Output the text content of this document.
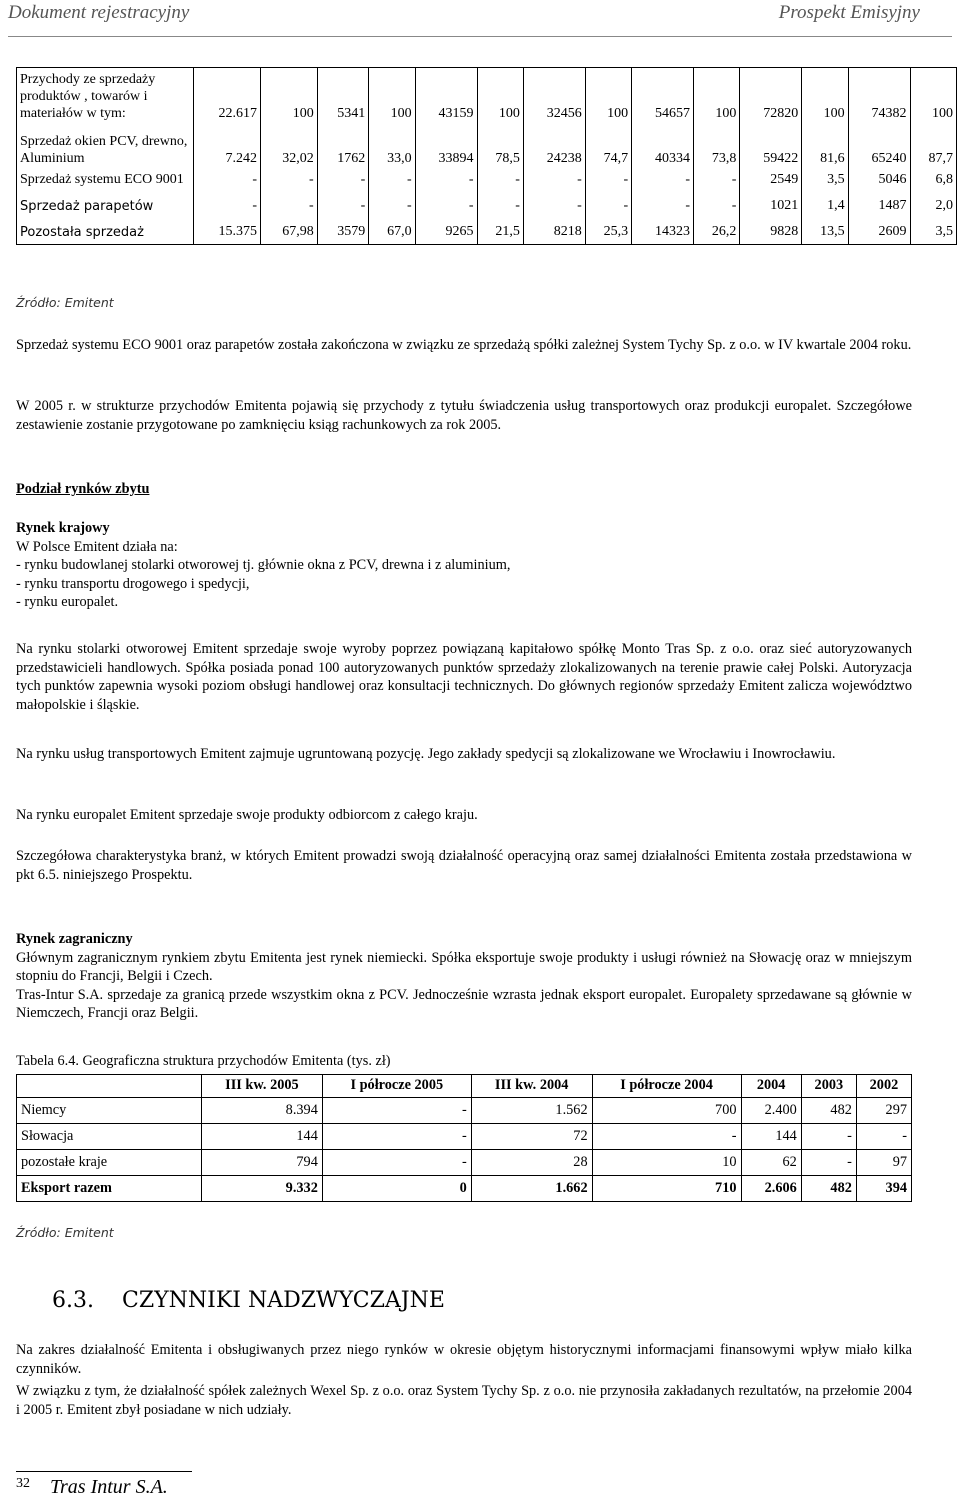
Dokument rejestracyjny	Prospekt Emisyjny
Przychody ze sprzedaży produktów , towarów i materiałów w tym:	22.617	100	5341	100	43159	100	32456	100	54657	100	72820	100	74382	100
Sprzedaż okien PCV, drewno, Aluminium	7.242	32,02	1762	33,0	33894	78,5	24238	74,7	40334	73,8	59422	81,6	65240	87,7
Sprzedaż systemu ECO 9001	-	-	-	-	-	-	-	-	-	-	2549	3,5	5046	6,8
Sprzedaż parapetów	-	-	-	-	-	-	-	-	-	-	1021	1,4	1487	2,0
Pozostała sprzedaż	15.375	67,98	3579	67,0	9265	21,5	8218	25,3	14323	26,2	9828	13,5	2609	3,5
Źródło: Emitent

Sprzedaż systemu ECO 9001 oraz parapetów została zakończona w związku ze sprzedażą spółki zależnej System Tychy Sp. z o.o. w IV kwartale 2004 roku.

W 2005 r. w strukturze przychodów Emitenta pojawią się przychody z tytułu świadczenia usług transportowych oraz produkcji europalet. Szczegółowe zestawienie zostanie przygotowane po zamknięciu ksiąg rachunkowych za rok 2005.

Podział rynków zbytu

Rynek krajowy

W Polsce Emitent działa na:

- rynku budowlanej stolarki otworowej tj. głównie okna z PCV, drewna i z aluminium,

- rynku transportu drogowego i spedycji,

- rynku europalet.

Na rynku stolarki otworowej Emitent sprzedaje swoje wyroby poprzez powiązaną kapitałowo spółkę Monto Tras Sp. z o.o. oraz sieć autoryzowanych przedstawicieli handlowych. Spółka posiada ponad 100 autoryzowanych punktów sprzedaży zlokalizowanych na terenie prawie całej Polski. Autoryzacja tych punktów zapewnia wysoki poziom obsługi handlowej oraz konsultacji technicznych. Do głównych regionów sprzedaży Emitent zalicza województwo małopolskie i śląskie.

Na rynku usług transportowych Emitent zajmuje ugruntowaną pozycję. Jego zakłady spedycji są zlokalizowane we Wrocławiu i Inowrocławiu.

Na rynku europalet Emitent sprzedaje swoje produkty odbiorcom z całego kraju.

Szczegółowa charakterystyka branż, w których Emitent prowadzi swoją działalność operacyjną oraz samej działalności Emitenta została przedstawiona w pkt 6.5. niniejszego Prospektu.

Rynek zagraniczny

Głównym zagranicznym rynkiem zbytu Emitenta jest rynek niemiecki. Spółka eksportuje swoje produkty i usługi również na Słowację oraz w mniejszym stopniu do Francji, Belgii i Czech.

Tras-Intur S.A. sprzedaje za granicą przede wszystkim okna z PCV. Jednocześnie wzrasta jednak eksport europalet. Europalety sprzedawane są głównie w Niemczech, Francji oraz Belgii.

Tabela 6.4. Geograficzna struktura przychodów Emitenta (tys. zł)

	III kw. 2005	I półrocze 2005	III kw. 2004	I półrocze 2004	2004	2003	2002
Niemcy	8.394	-	1.562	700	2.400	482	297
Słowacja	144	-	72	-	144	-	-
pozostałe kraje	794	-	28	10	62	-	97
Eksport razem	9.332	0	1.662	710	2.606	482	394
Źródło: Emitent
6.3. CZYNNIKI NADZWYCZAJNE

Na zakres działalność Emitenta i obsługiwanych przez niego rynków w okresie objętym historycznymi informacjami finansowymi wpływ miało kilka czynników.

W związku z tym, że działalność spółek zależnych Wexel Sp. z o.o. oraz System Tychy Sp. z o.o. nie przynosiła zakładanych rezultatów, na przełomie 2004 i 2005 r. Emitent zbył posiadane w nich udziały.

32 Tras Intur S.A.
